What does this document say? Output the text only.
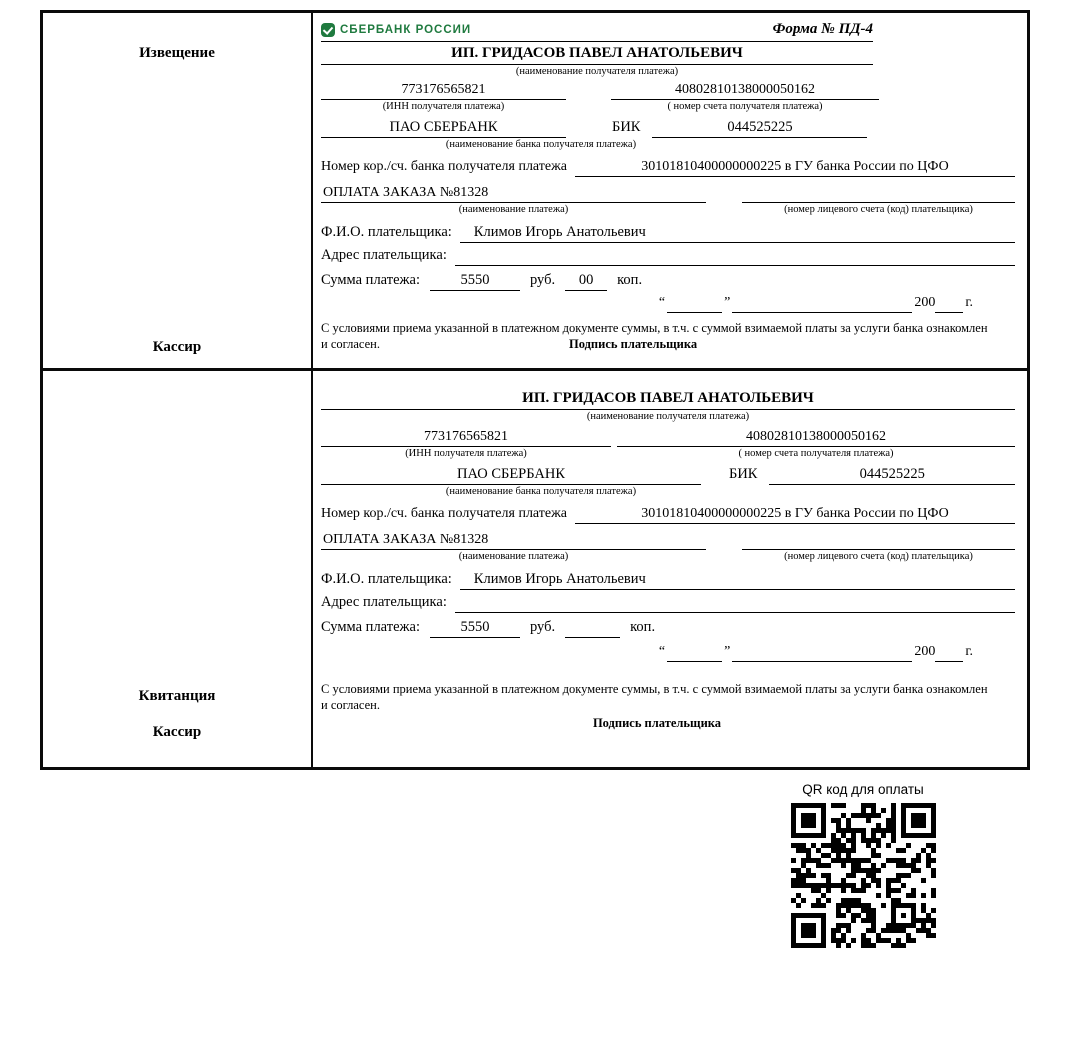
Извещение
Кассир
СБЕРБАНК РОССИИ	Форма № ПД-4
ИП. ГРИДАСОВ ПАВЕЛ АНАТОЛЬЕВИЧ
(наименование получателя платежа)
773176565821	40802810138000050162
(ИНН получателя платежа)	( номер счета получателя платежа)
ПАО СБЕРБАНК	БИК	044525225
(наименование банка получателя платежа)
Номер кор./сч. банка получателя платежа	30101810400000000225 в ГУ банка России по ЦФО
ОПЛАТА ЗАКАЗА №81328
(наименование платежа)	(номер лицевого счета (код) плательщика)
Ф.И.О. плательщика:	Климов Игорь Анатольевич
Адрес плательщика:
Сумма платежа:	5550	руб.	00	коп.
“	”	200 г.
С условиями приема указанной в платежном документе суммы, в т.ч. с суммой взимаемой платы за услуги банка ознакомлен и согласен.	Подпись плательщика
Квитанция
Кассир
ИП. ГРИДАСОВ ПАВЕЛ АНАТОЛЬЕВИЧ
(наименование получателя платежа)
773176565821	40802810138000050162
(ИНН получателя платежа)	( номер счета получателя платежа)
ПАО СБЕРБАНК	БИК	044525225
(наименование банка получателя платежа)
Номер кор./сч. банка получателя платежа	30101810400000000225 в ГУ банка России по ЦФО
ОПЛАТА ЗАКАЗА №81328
(наименование платежа)	(номер лицевого счета (код) плательщика)
Ф.И.О. плательщика:	Климов Игорь Анатольевич
Адрес плательщика:
Сумма платежа:	5550	руб.	коп.
“	”	200 г.
С условиями приема указанной в платежном документе суммы, в т.ч. с суммой взимаемой платы за услуги банка ознакомлен и согласен.
Подпись плательщика
QR код для оплаты
